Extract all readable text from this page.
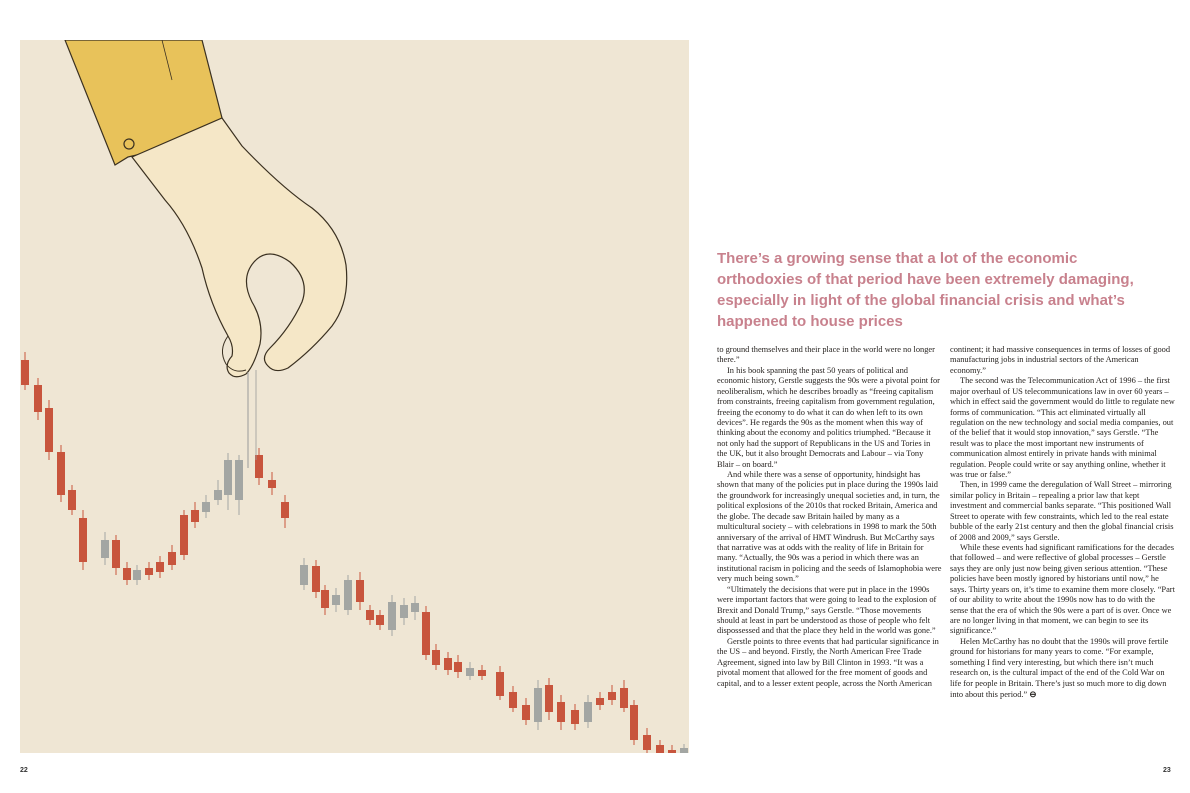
22

There’s a growing sense that a lot of the economic orthodoxies of that period have been extremely damaging, especially in light of the global financial crisis and what’s happened to house prices

to ground themselves and their place in the world were no longer there.”

In his book spanning the past 50 years of political and economic history, Gerstle suggests the 90s were a pivotal point for neoliberalism, which he describes broadly as “freeing capitalism from constraints, freeing capitalism from government regulation, freeing the economy to do what it can do when left to its own devices”. He regards the 90s as the moment when this way of thinking about the economy and politics triumphed. “Because it not only had the support of Republicans in the US and Tories in the UK, but it also brought Democrats and Labour – via Tony Blair – on board.”

And while there was a sense of opportunity, hindsight has shown that many of the policies put in place during the 1990s laid the groundwork for increasingly unequal societies and, in turn, the political explosions of the 2010s that rocked Britain, America and the globe. The decade saw Britain hailed by many as a multicultural society – with celebrations in 1998 to mark the 50th anniversary of the arrival of HMT Windrush. But McCarthy says that narrative was at odds with the reality of life in Britain for many. “Actually, the 90s was a period in which there was an institutional racism in policing and the seeds of Islamophobia were very much being sown.”

“Ultimately the decisions that were put in place in the 1990s were important factors that were going to lead to the explosion of Brexit and Donald Trump,” says Gerstle. “Those movements should at least in part be understood as those of people who felt dispossessed and that the place they held in the world was gone.”

Gerstle points to three events that had particular significance in the US – and beyond. Firstly, the North American Free Trade Agreement, signed into law by Bill Clinton in 1993. “It was a pivotal moment that allowed for the free moment of goods and capital, and to a lesser extent people, across the North American

continent; it had massive consequences in terms of losses of good manufacturing jobs in industrial sectors of the American economy.”

The second was the Telecommunication Act of 1996 – the first major overhaul of US telecommunications law in over 60 years – which in effect said the government would do little to regulate new forms of communication. “This act eliminated virtually all regulation on the new technology and social media companies, out of the belief that it would stop innovation,” says Gerstle. “The result was to place the most important new instruments of communication almost entirely in private hands with minimal regulation. People could write or say anything online, whether it was true or false.”

Then, in 1999 came the deregulation of Wall Street – mirroring similar policy in Britain – repealing a prior law that kept investment and commercial banks separate. “This positioned Wall Street to operate with few constraints, which led to the real estate bubble of the early 21st century and then the global financial crisis of 2008 and 2009,” says Gerstle.

While these events had significant ramifications for the decades that followed – and were reflective of global processes – Gerstle says they are only just now being given serious attention. “These policies have been mostly ignored by historians until now,” he says. Thirty years on, it’s time to examine them more closely. “Part of our ability to write about the 1990s now has to do with the sense that the era of which the 90s were a part of is over. Once we are no longer living in that moment, we can begin to see its significance.”

Helen McCarthy has no doubt that the 1990s will prove fertile ground for historians for many years to come. “For example, something I find very interesting, but which there isn’t much research on, is the cultural impact of the end of the Cold War on life for people in Britain. There’s just so much more to dig down into about this period.” ⊖

23
